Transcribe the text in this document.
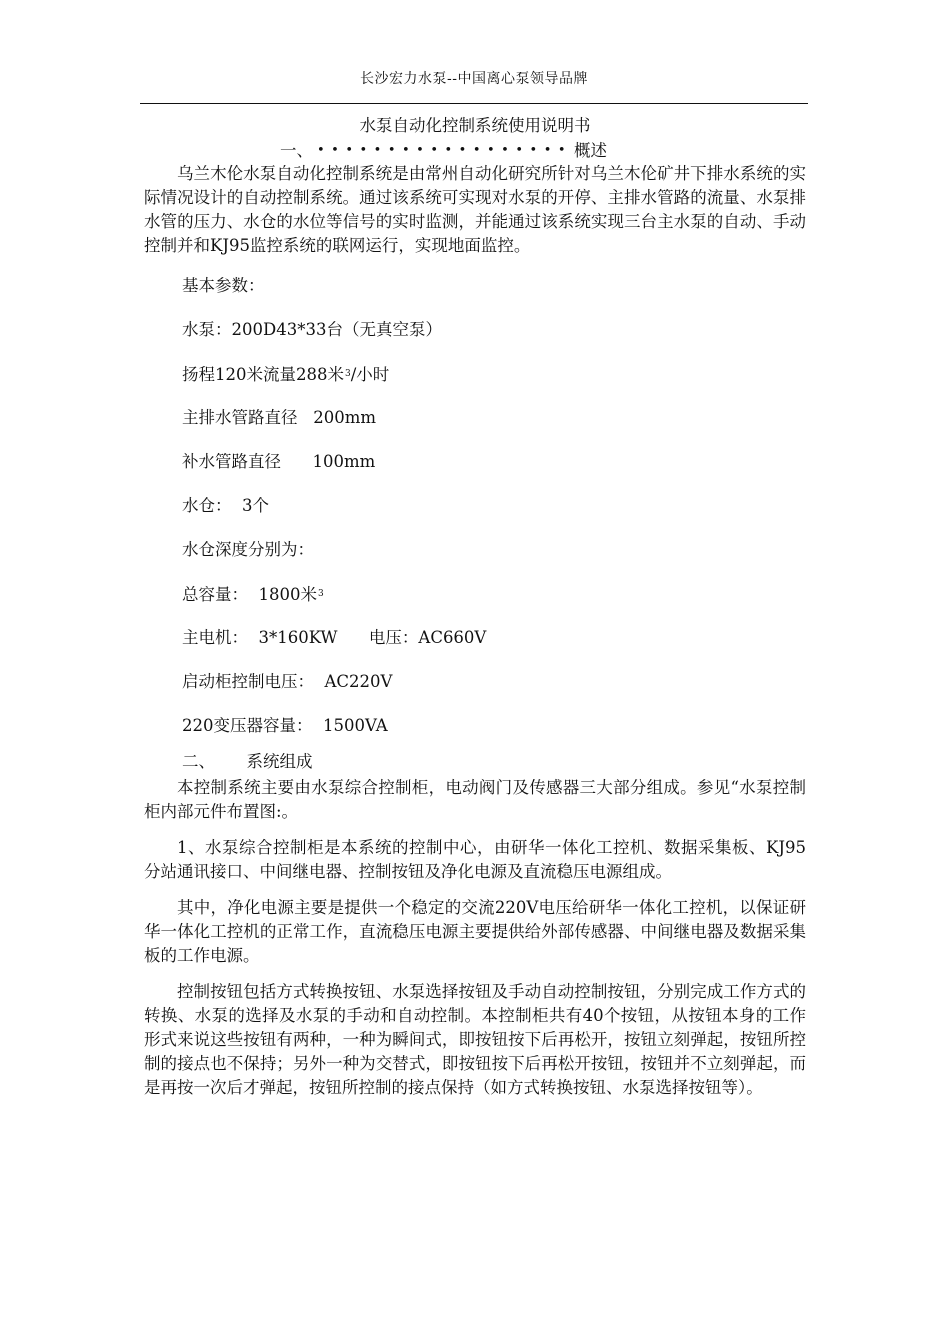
长沙宏力水泵--中国离心泵领导品牌
水泵自动化控制系统使用说明书
一、 •••••••••••••••••• 概述

乌兰木伦水泵自动化控制系统是由常州自动化研究所针对乌兰木伦矿井下排水系统的实际情况设计的自动控制系统。通过该系统可实现对水泵的开停、主排水管路的流量、水泵排水管的压力、水仓的水位等信号的实时监测，并能通过该系统实现三台主水泵的自动、手动控制并和KJ95监控系统的联网运行，实现地面监控。

基本参数：

水泵：200D43*33台（无真空泵）

扬程120米流量288米$^3$/小时

主排水管路直径   200mm

补水管路直径      100mm

水仓：  3个

水仓深度分别为：

总容量：  1800米$^3$

主电机：  3*160KW      电压：AC660V

启动柜控制电压：  AC220V

220变压器容量：  1500VA

二、      系统组成

本控制系统主要由水泵综合控制柜，电动阀门及传感器三大部分组成。参见“水泵控制柜内部元件布置图:。

1、水泵综合控制柜是本系统的控制中心，由研华一体化工控机、数据采集板、KJ95 分站通讯接口、中间继电器、控制按钮及净化电源及直流稳压电源组成。

其中，净化电源主要是提供一个稳定的交流220V电压给研华一体化工控机，以保证研华一体化工控机的正常工作，直流稳压电源主要提供给外部传感器、中间继电器及数据采集板的工作电源。

控制按钮包括方式转换按钮、水泵选择按钮及手动自动控制按钮，分别完成工作方式的转换、水泵的选择及水泵的手动和自动控制。本控制柜共有40个按钮，从按钮本身的工作形式来说这些按钮有两种，一种为瞬间式，即按钮按下后再松开，按钮立刻弹起，按钮所控制的接点也不保持；另外一种为交替式，即按钮按下后再松开按钮，按钮并不立刻弹起，而是再按一次后才弹起，按钮所控制的接点保持（如方式转换按钮、水泵选择按钮等）。
